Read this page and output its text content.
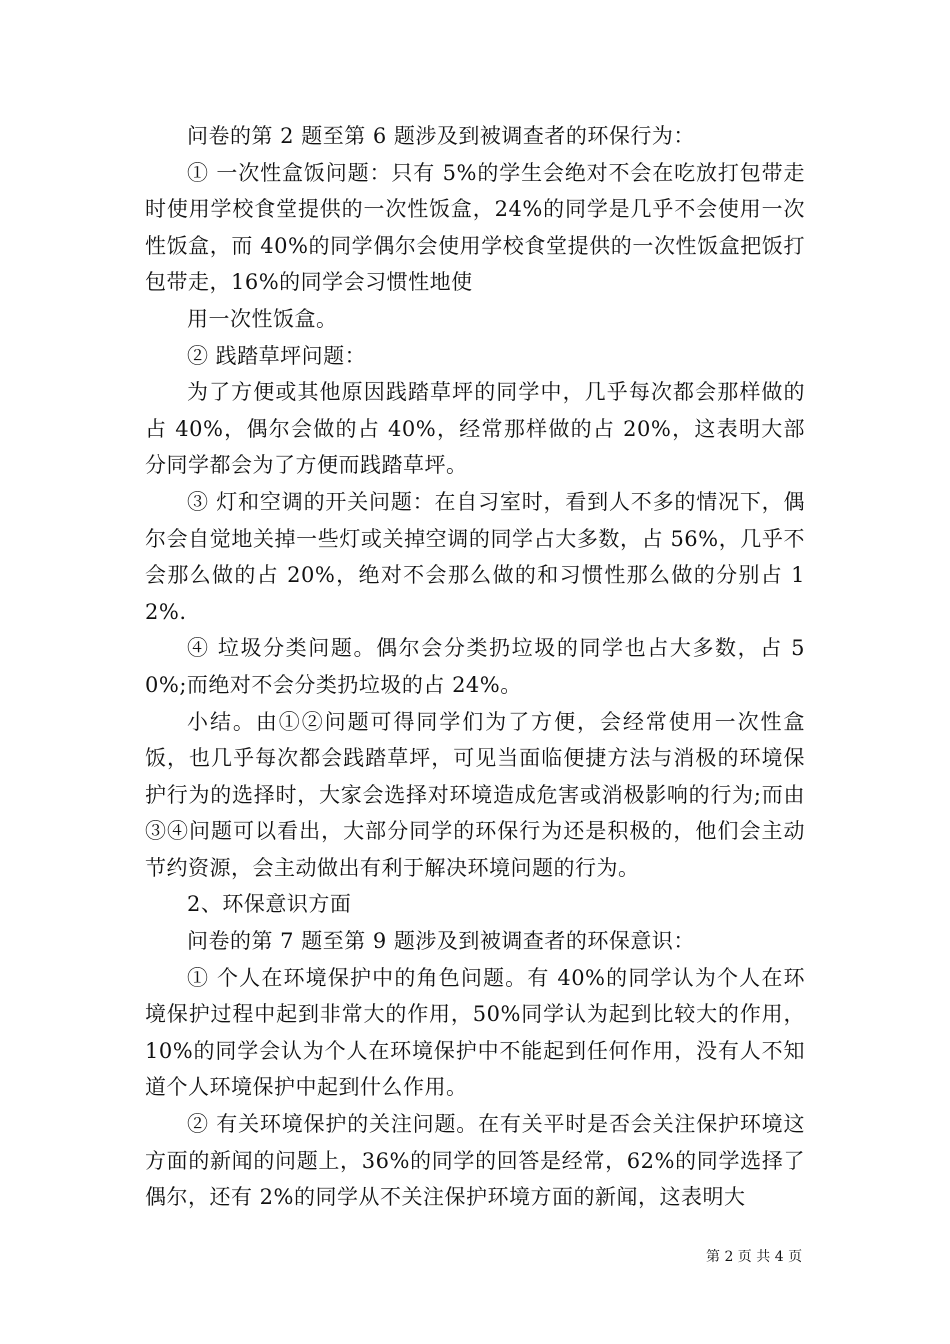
问卷的第 2 题至第 6 题涉及到被调查者的环保行为：

① 一次性盒饭问题：只有 5%的学生会绝对不会在吃放打包带走时使用学校食堂提供的一次性饭盒，24%的同学是几乎不会使用一次性饭盒，而 40%的同学偶尔会使用学校食堂提供的一次性饭盒把饭打包带走，16%的同学会习惯性地使

用一次性饭盒。

② 践踏草坪问题：

为了方便或其他原因践踏草坪的同学中，几乎每次都会那样做的占 40%，偶尔会做的占 40%，经常那样做的占 20%，这表明大部分同学都会为了方便而践踏草坪。

③ 灯和空调的开关问题：在自习室时，看到人不多的情况下，偶尔会自觉地关掉一些灯或关掉空调的同学占大多数，占 56%，几乎不会那么做的占 20%，绝对不会那么做的和习惯性那么做的分别占 12%.

④ 垃圾分类问题。偶尔会分类扔垃圾的同学也占大多数，占 50%;而绝对不会分类扔垃圾的占 24%。

小结。由①②问题可得同学们为了方便，会经常使用一次性盒饭，也几乎每次都会践踏草坪，可见当面临便捷方法与消极的环境保护行为的选择时，大家会选择对环境造成危害或消极影响的行为;而由③④问题可以看出，大部分同学的环保行为还是积极的，他们会主动节约资源，会主动做出有利于解决环境问题的行为。

2、环保意识方面

问卷的第 7 题至第 9 题涉及到被调查者的环保意识：

① 个人在环境保护中的角色问题。有 40%的同学认为个人在环境保护过程中起到非常大的作用，50%同学认为起到比较大的作用，10%的同学会认为个人在环境保护中不能起到任何作用，没有人不知道个人环境保护中起到什么作用。

② 有关环境保护的关注问题。在有关平时是否会关注保护环境这方面的新闻的问题上，36%的同学的回答是经常，62%的同学选择了偶尔，还有 2%的同学从不关注保护环境方面的新闻，这表明大

第 2 页 共 4 页
